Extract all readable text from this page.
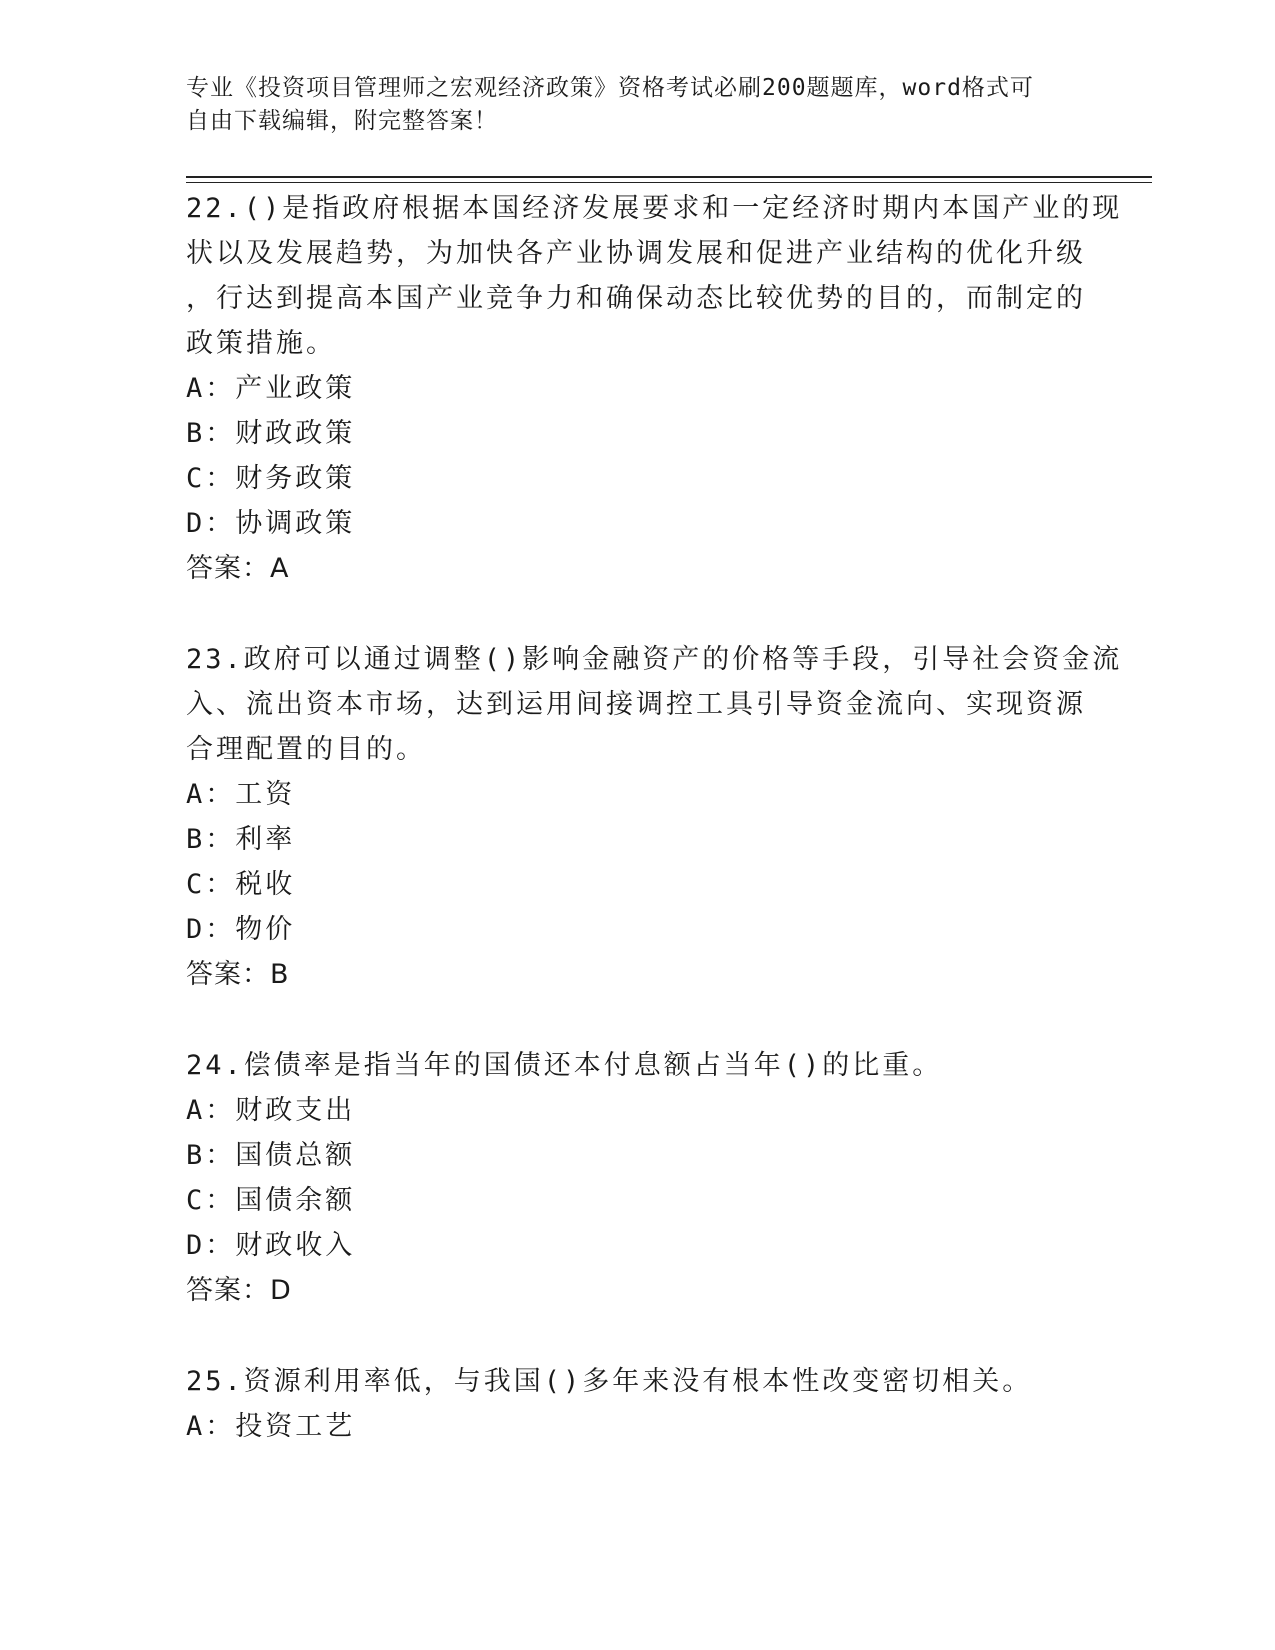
专业《投资项目管理师之宏观经济政策》资格考试必刷200题题库，word格式可
自由下载编辑，附完整答案！
22.()是指政府根据本国经济发展要求和一定经济时期内本国产业的现
状以及发展趋势，为加快各产业协调发展和促进产业结构的优化升级
，行达到提高本国产业竞争力和确保动态比较优势的目的，而制定的
政策措施。
A：产业政策
B：财政政策
C：财务政策
D：协调政策
答案：A
23.政府可以通过调整()影响金融资产的价格等手段，引导社会资金流
入、流出资本市场，达到运用间接调控工具引导资金流向、实现资源
合理配置的目的。
A：工资
B：利率
C：税收
D：物价
答案：B
24.偿债率是指当年的国债还本付息额占当年()的比重。
A：财政支出
B：国债总额
C：国债余额
D：财政收入
答案：D
25.资源利用率低，与我国()多年来没有根本性改变密切相关。
A：投资工艺
